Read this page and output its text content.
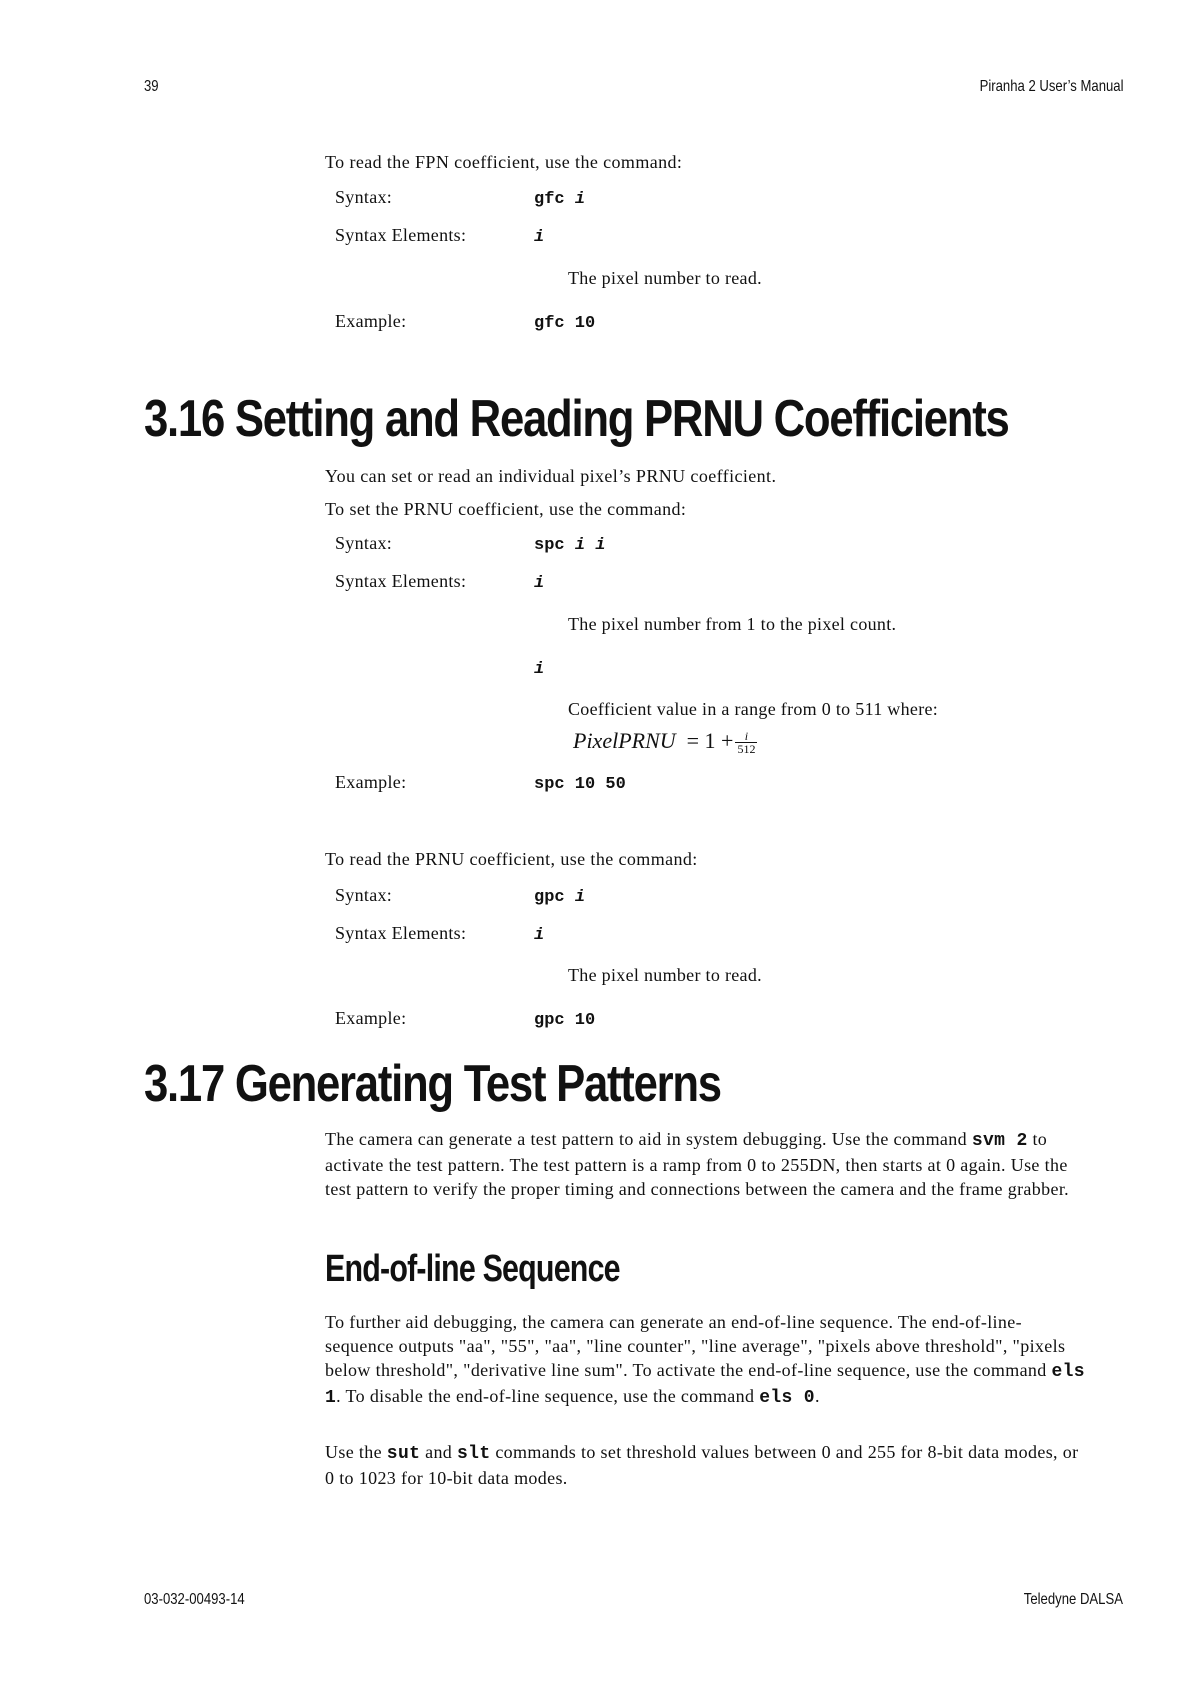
39	Piranha 2 User’s Manual
To read the FPN coefficient, use the command:
Syntax:	gfc i
Syntax Elements:	i
The pixel number to read.
Example:	gfc 10
3.16 Setting and Reading PRNU Coefficients
You can set or read an individual pixel’s PRNU coefficient.
To set the PRNU coefficient, use the command:
Syntax:	spc i i
Syntax Elements:	i
The pixel number from 1 to the pixel count.
i
Coefficient value in a range from 0 to 511 where:
PixelPRNU = $1 + \frac{i}{512}$
Example:	spc 10 50
To read the PRNU coefficient, use the command:
Syntax:	gpc i
Syntax Elements:	i
The pixel number to read.
Example:	gpc 10
3.17 Generating Test Patterns
The camera can generate a test pattern to aid in system debugging. Use the command svm 2 to activate the test pattern. The test pattern is a ramp from 0 to 255DN, then starts at 0 again. Use the test pattern to verify the proper timing and connections between the camera and the frame grabber.
End-of-line Sequence
To further aid debugging, the camera can generate an end-of-line sequence. The end-of-line-sequence outputs "aa", "55", "aa", "line counter", "line average", "pixels above threshold", "pixels below threshold", "derivative line sum". To activate the end-of-line sequence, use the command els 1. To disable the end-of-line sequence, use the command els 0.
Use the sut and slt commands to set threshold values between 0 and 255 for 8-bit data modes, or 0 to 1023 for 10-bit data modes.
03-032-00493-14	Teledyne DALSA
